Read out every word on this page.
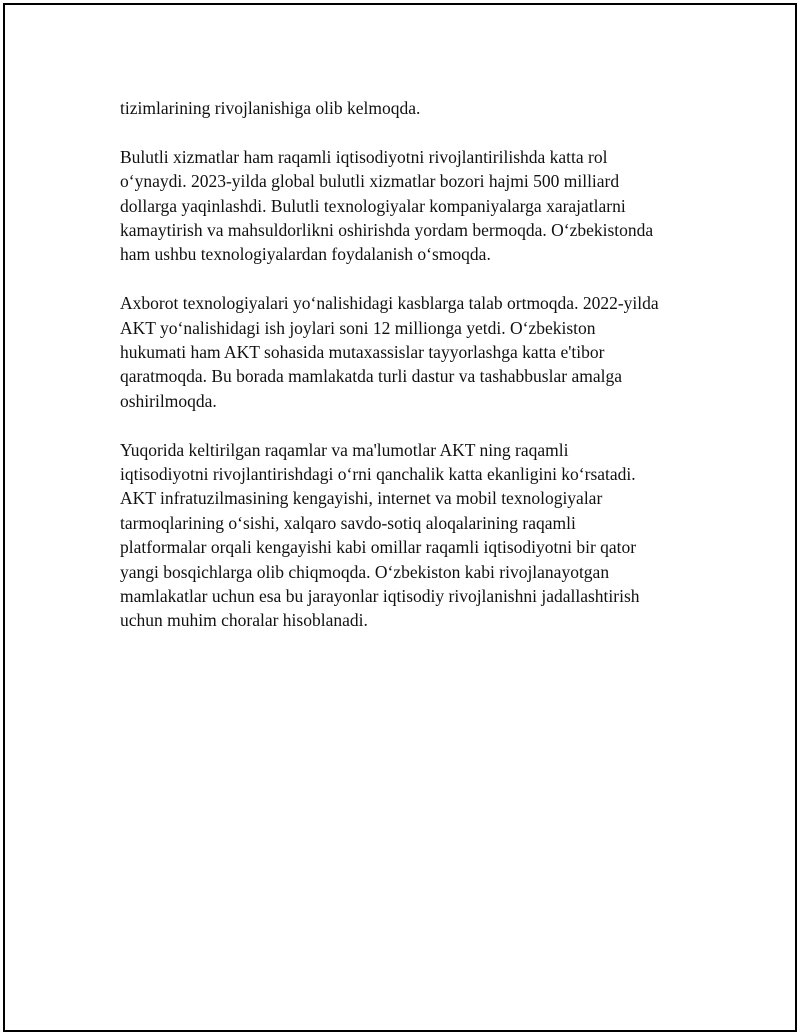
tizimlarining rivojlanishiga olib kelmoqda.

Bulutli xizmatlar ham raqamli iqtisodiyotni rivojlantirilishda katta rol
o‘ynaydi. 2023-yilda global bulutli xizmatlar bozori hajmi 500 milliard
dollarga yaqinlashdi. Bulutli texnologiyalar kompaniyalarga xarajatlarni
kamaytirish va mahsuldorlikni oshirishda yordam bermoqda. O‘zbekistonda
ham ushbu texnologiyalardan foydalanish o‘smoqda.

Axborot texnologiyalari yo‘nalishidagi kasblarga talab ortmoqda. 2022-yilda
AKT yo‘nalishidagi ish joylari soni 12 millionga yetdi. O‘zbekiston
hukumati ham AKT sohasida mutaxassislar tayyorlashga katta e'tibor
qaratmoqda. Bu borada mamlakatda turli dastur va tashabbuslar amalga
oshirilmoqda.

Yuqorida keltirilgan raqamlar va ma'lumotlar AKT ning raqamli
iqtisodiyotni rivojlantirishdagi o‘rni qanchalik katta ekanligini ko‘rsatadi.
AKT infratuzilmasining kengayishi, internet va mobil texnologiyalar
tarmoqlarining o‘sishi, xalqaro savdo-sotiq aloqalarining raqamli
platformalar orqali kengayishi kabi omillar raqamli iqtisodiyotni bir qator
yangi bosqichlarga olib chiqmoqda. O‘zbekiston kabi rivojlanayotgan
mamlakatlar uchun esa bu jarayonlar iqtisodiy rivojlanishni jadallashtirish
uchun muhim choralar hisoblanadi.
